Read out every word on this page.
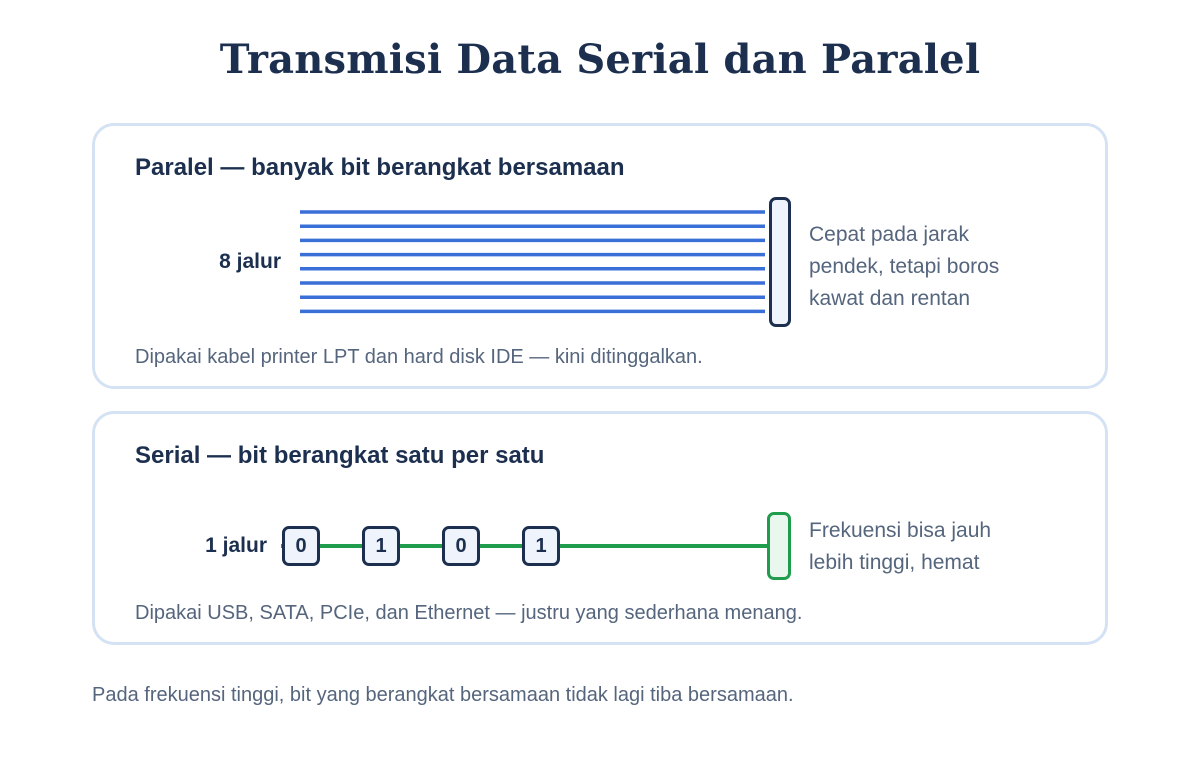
Transmisi Data Serial dan Paralel
Paralel — banyak bit berangkat bersamaan
8 jalur
Cepat pada jarak
pendek, tetapi boros
kawat dan rentan
Dipakai kabel printer LPT dan hard disk IDE — kini ditinggalkan.
Serial — bit berangkat satu per satu
1 jalur	0	1	0	1
Frekuensi bisa jauh
lebih tinggi, hemat
Dipakai USB, SATA, PCIe, dan Ethernet — justru yang sederhana menang.
Pada frekuensi tinggi, bit yang berangkat bersamaan tidak lagi tiba bersamaan.
